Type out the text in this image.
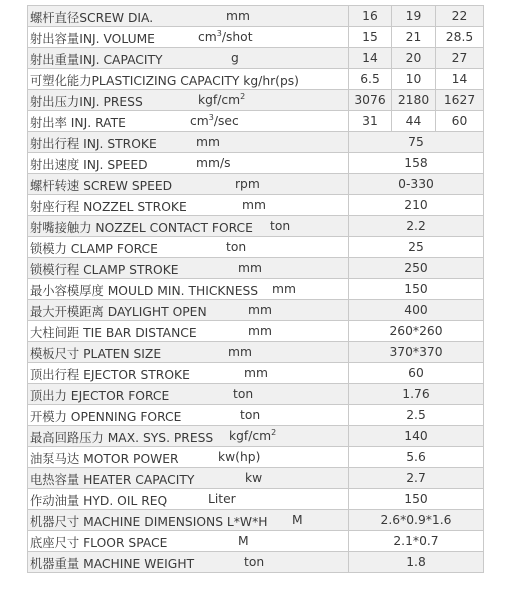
螺杆直径SCREW DIA. mm	16	19	22
射出容量INJ. VOLUME $cm^3$/shot	15	21	28.5
射出重量INJ. CAPACITY g	14	20	27
可塑化能力PLASTICIZING CAPACITY kg/hr(ps)	6.5	10	14
射出压力INJ. PRESS kgf/$cm^2$	3076	2180	1627
射出率 INJ. RATE $cm^3/\sec$	31	44	60
射出行程 INJ. STROKE mm	75		
射出速度 INJ. SPEED mm/s	158		
螺杆转速 SCREW SPEED rpm	0-330		
射座行程 NOZZEL STROKE mm	210		
射嘴接触力 NOZZEL CONTACT FORCE ton	2.2		
锁模力 CLAMP FORCE ton	25		
锁模行程 CLAMP STROKE mm	250		
最小容模厚度 MOULD MIN. THICKNESS mm	150		
最大开模距离 DAYLIGHT OPEN mm	400		
大柱间距 TIE BAR DISTANCE mm	260*260		
模板尺寸 PLATEN SIZE mm	370*370		
顶出行程 EJECTOR STROKE mm	60		
顶出力 EJECTOR FORCE ton	1.76		
开模力 OPENNING FORCE ton	2.5		
最高回路压力 MAX. SYS. PRESS kgf/$cm^2$	140		
油泵马达 MOTOR POWER kw(hp)	5.6		
电热容量 HEATER CAPACITY kw	2.7		
作动油量 HYD. OIL REQ Liter	150		
机器尺寸 MACHINE DIMENSIONS L*W*H M	2.6*0.9*1.6		
底座尺寸 FLOOR SPACE M	2.1*0.7		
机器重量 MACHINE WEIGHT ton	1.8		
